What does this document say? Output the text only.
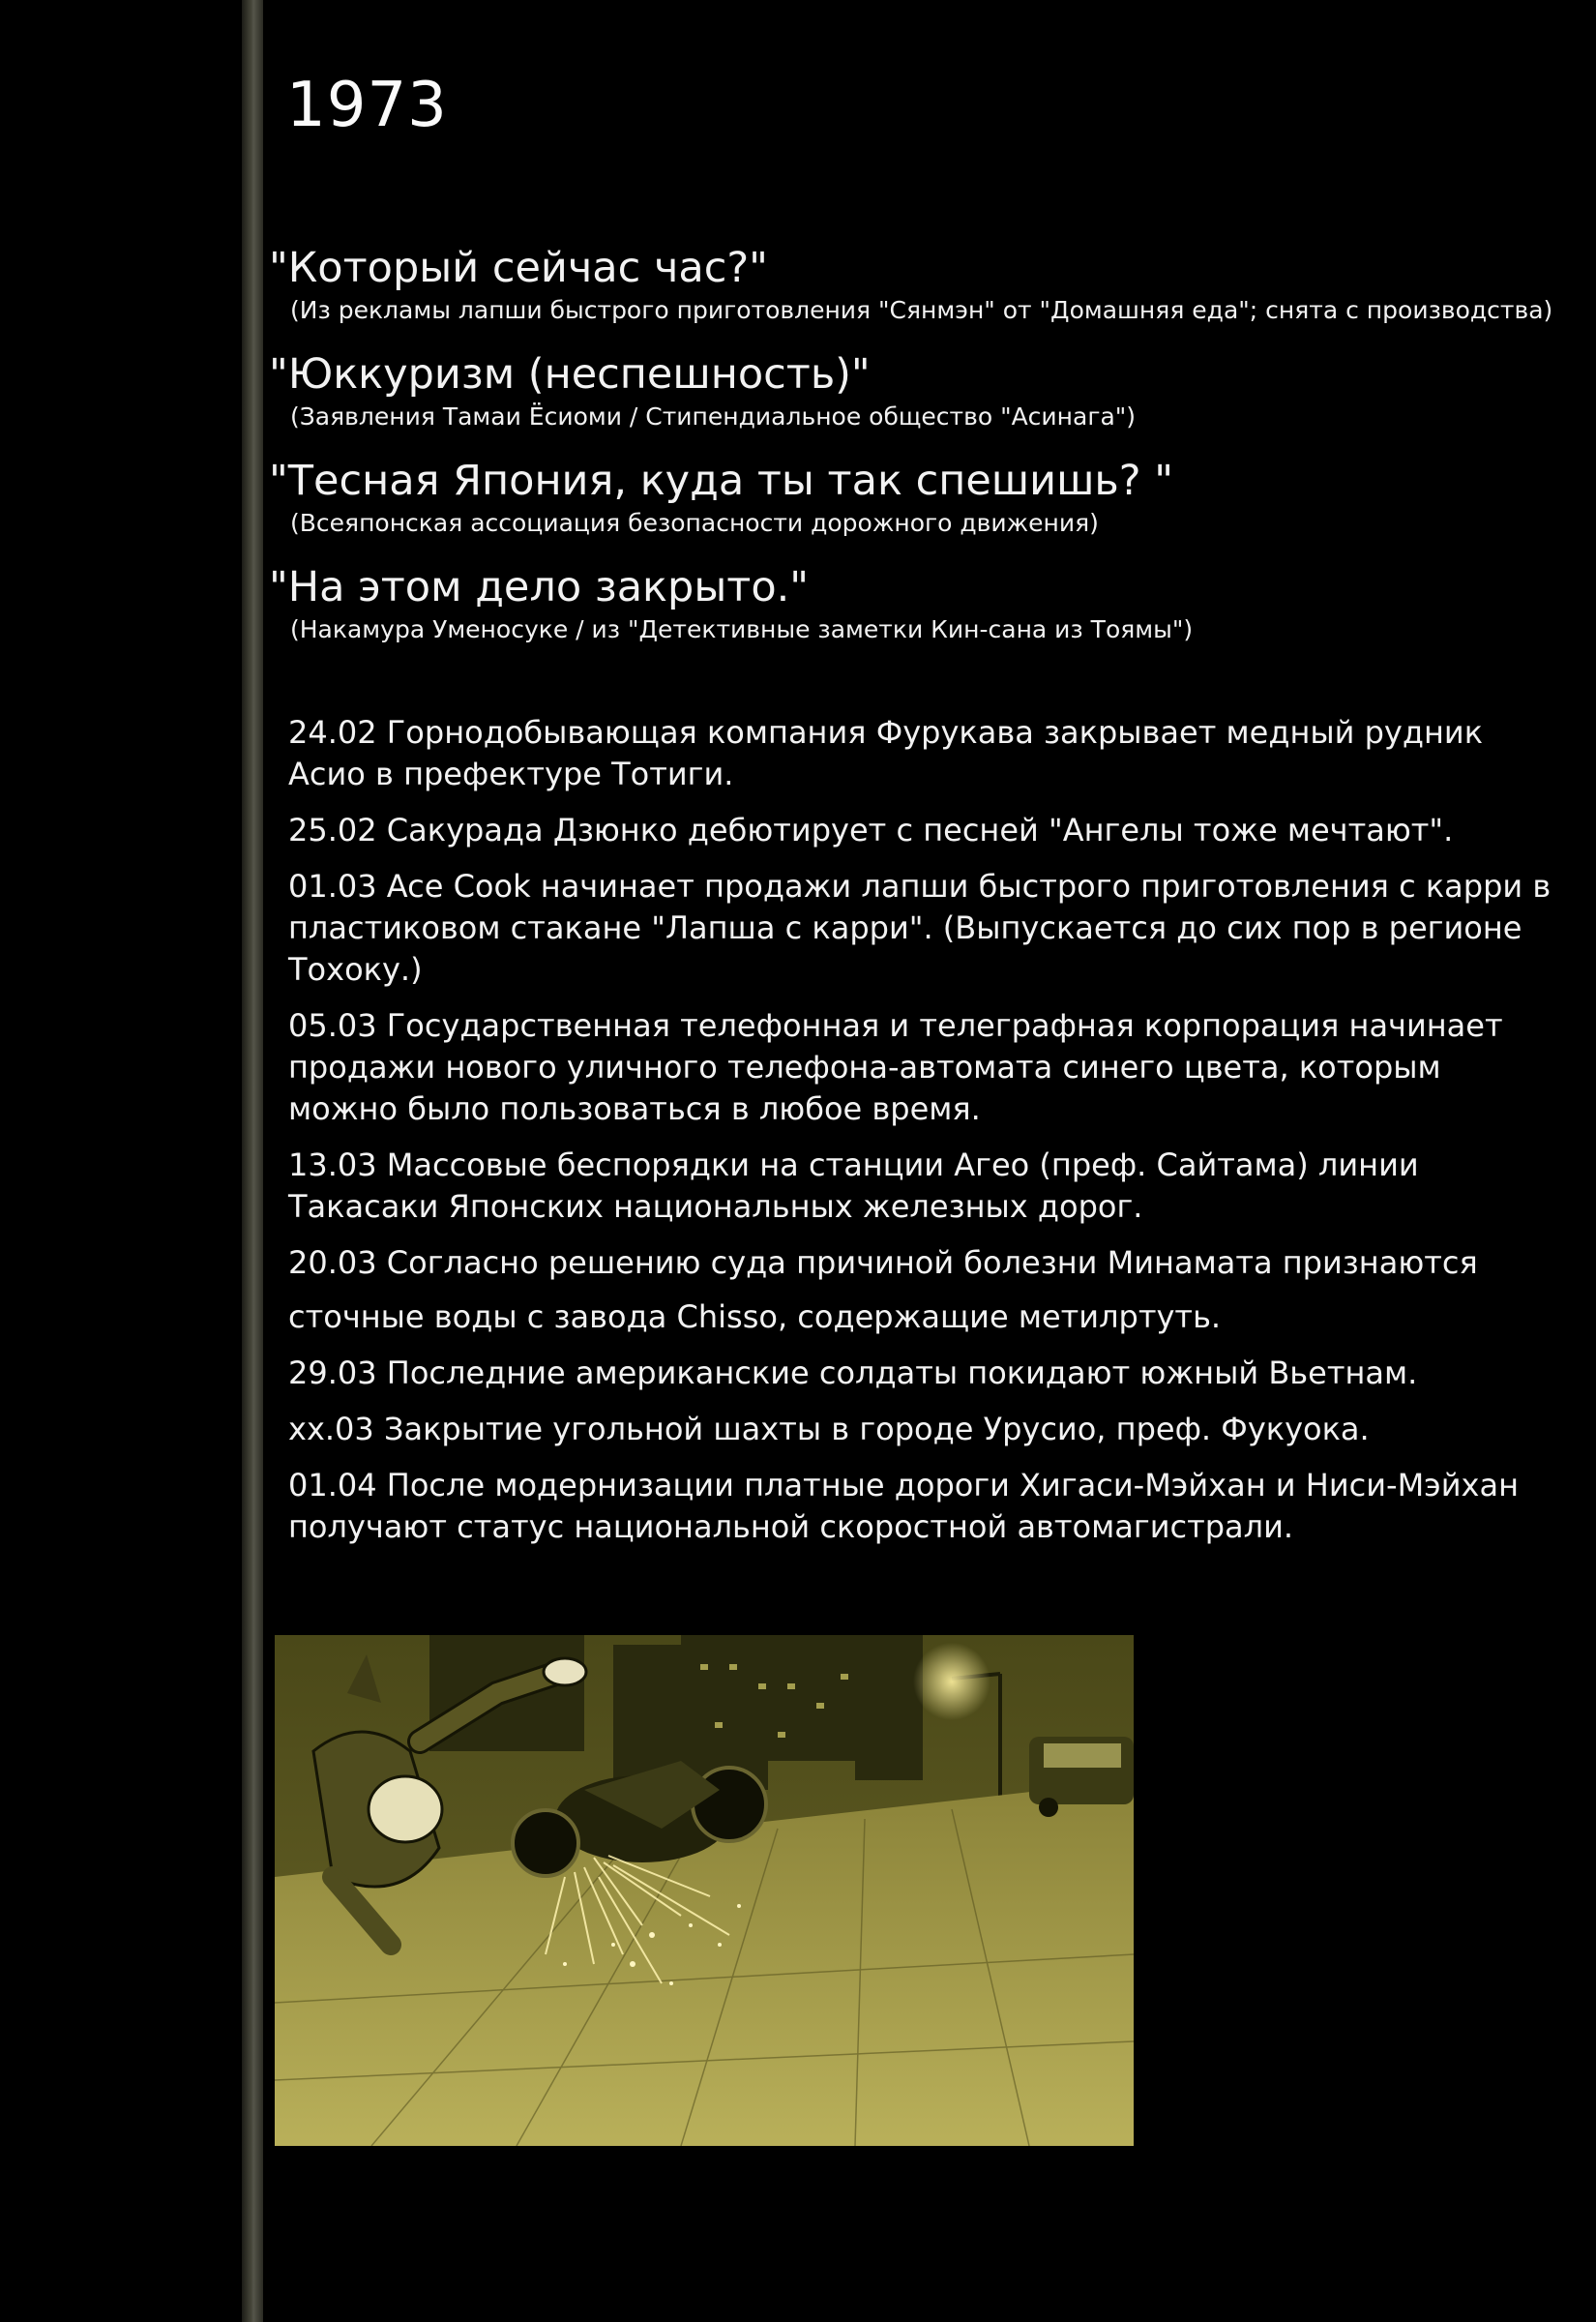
1973
"Который сейчас час?"
(Из рекламы лапши быстрого приготовления "Сянмэн" от "Домашняя еда"; снята с производства)
"Юккуризм (неспешность)"
(Заявления Тамаи Ёсиоми / Стипендиальное общество "Асинага")
"Тесная Япония, куда ты так спешишь? "
(Всеяпонская ассоциация безопасности дорожного движения)
"На этом дело закрыто."
(Накамура Уменосуке / из "Детективные заметки Кин-сана из Тоямы")
24.02 Горнодобывающая компания Фурукава закрывает медный рудник Асио в префектуре Тотиги.
25.02 Сакурада Дзюнко дебютирует с песней "Ангелы тоже мечтают".
01.03 Ace Cook начинает продажи лапши быстрого приготовления с карри в пластиковом стакане "Лапша с карри". (Выпускается до сих пор в регионе Тохоку.)
05.03 Государственная телефонная и телеграфная корпорация начинает продажи нового уличного телефона-автомата синего цвета, которым можно было пользоваться в любое время.
13.03 Массовые беспорядки на станции Агео (преф. Сайтама) линии Такасаки Японских национальных железных дорог.
20.03 Согласно решению суда причиной болезни Минамата признаются
сточные воды с завода Chisso, содержащие метилртуть.
29.03 Последние американские солдаты покидают южный Вьетнам.
xx.03 Закрытие угольной шахты в городе Урусио, преф. Фукуока.
01.04 После модернизации платные дороги Хигаси-Мэйхан и Ниси-Мэйхан получают статус национальной скоростной автомагистрали.
